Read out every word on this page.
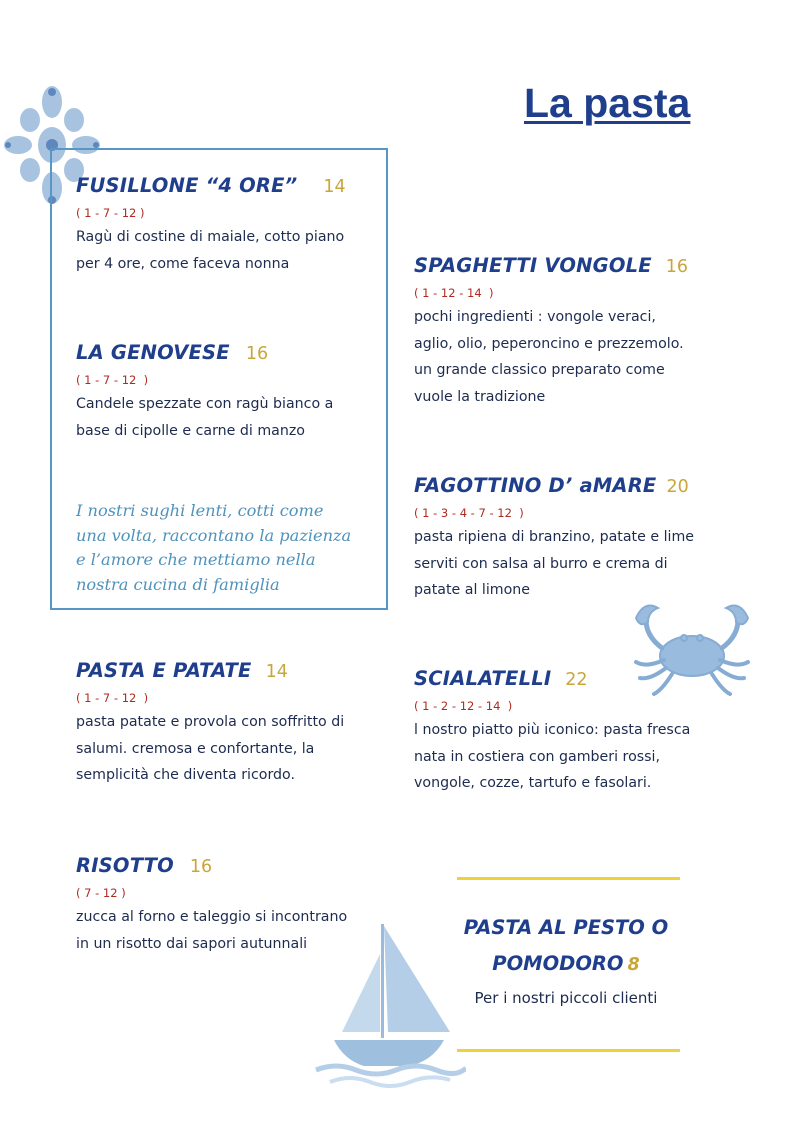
La pasta
FUSILLONE “4 ORE” 14
( 1 - 7 - 12 )
Ragù di costine di maiale, cotto piano
per 4 ore, come faceva nonna
LA GENOVESE 16
( 1 - 7 - 12  )
Candele spezzate con ragù bianco a
base di cipolle e carne di manzo
I nostri sughi lenti, cotti come
una volta, raccontano la pazienza
e l’amore che mettiamo nella
nostra cucina di famiglia
PASTA E PATATE 14
( 1 - 7 - 12  )
pasta patate e provola con soffritto di
salumi. cremosa e confortante, la
semplicità che diventa ricordo.
RISOTTO 16
( 7 - 12 )
zucca al forno e taleggio si incontrano
in un risotto dai sapori autunnali
SPAGHETTI VONGOLE 16
( 1 - 12 - 14  )
pochi ingredienti : vongole veraci,
aglio, olio, peperoncino e prezzemolo.
un grande classico preparato come
vuole la tradizione
FAGOTTINO D’ aMARE 20
( 1 - 3 - 4 - 7 - 12  )
pasta ripiena di branzino, patate e lime
serviti con salsa al burro e crema di
patate al limone
SCIALATELLI 22
( 1 - 2 - 12 - 14  )
l nostro piatto più iconico: pasta fresca
nata in costiera con gamberi rossi,
vongole, cozze, tartufo e fasolari.
PASTA AL PESTO O
POMODORO 8
Per i nostri piccoli clienti
